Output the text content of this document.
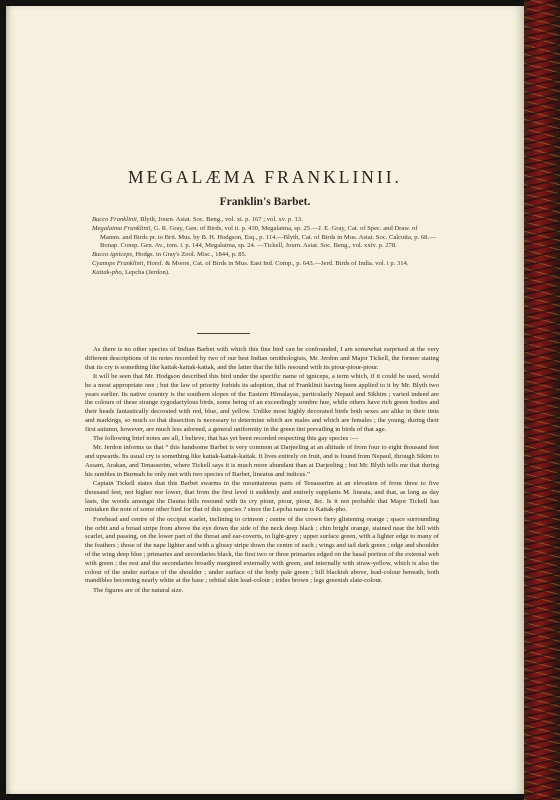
MEGALÆMA FRANKLINII.
Franklin's Barbet.
Bucco Franklinii, Blyth, Journ. Asiat. Soc. Beng., vol. xi. p. 167 ; vol. xv. p. 13.
Megalaima Franklinii, G. R. Gray, Gen. of Birds, vol ii. p. 430, Megalaima, sp. 25.—J. E. Gray, Cat. of Spec. and Draw. of Mamm. and Birds pr. to Brit. Mus. by B. H. Hodgson, Esq., p. 114.—Blyth, Cat. of Birds in Mus. Asiat. Soc. Calcutta, p. 68.—Bonap. Consp. Gen. Av., tom. i. p. 144, Megalaima, sp. 24. —Tickell, Journ. Asiat. Soc. Beng., vol. xxiv. p. 278.
Bucco igniceps, Hodgs. in Gray's Zool. Misc., 1844, p. 85.
Cyanops Franklinii, Horsf. & Moore, Cat. of Birds in Mus. East Ind. Comp., p. 643.—Jerd. Birds of India. vol. i p. 314.
Kattak-pho, Lepcha (Jerdon).

As there is no other species of Indian Barbet with which this fine bird can be confounded, I am somewhat surprised at the very different descriptions of its notes recorded by two of our best Indian ornithologists, Mr. Jerdon and Major Tickell, the former stating that its cry is something like kattak-kattak-kattak, and the latter that the hills resound with its piour-piour-piour.

It will be seen that Mr. Hodgson described this bird under the specific name of igniceps, a term which, if it could be used, would be a most appropriate one ; but the law of priority forbids its adoption, that of Franklinii having been applied to it by Mr. Blyth two years earlier. Its native country is the southern slopes of the Eastern Himalayas, particularly Nepaul and Sikhim ; varied indeed are the colours of these strange zygodactylous birds, some being of an exceedingly sombre hue, while others have rich green bodies and their heads fantastically decorated with red, blue, and yellow. Unlike most highly decorated birds both sexes are alike in their tints and markings, so much so that dissection is necessary to determine which are males and which are females ; the young, during their first autumn, however, are much less adorned, a general uniformity in the green tint prevailing in birds of that age.

The following brief notes are all, I believe, that has yet been recorded respecting this gay species :—

Mr. Jerdon informs us that “ this handsome Barbet is very common at Darjeeling at an altitude of from four to eight thousand feet and upwards. Its usual cry is something like kattak-kattak-kattak. It lives entirely on fruit, and is found from Nepaul, through Sikim to Assam, Arakan, and Tenasserim, where Tickell says it is much more abundant than at Darjeeling ; but Mr. Blyth tells me that during his rambles in Burmah he only met with two species of Barbet, lineatus and indicus.”

Captain Tickell states that this Barbet swarms in the mountainous parts of Tenasserim at an elevation of from three to five thousand feet, not higher nor lower, that from the first level it suddenly and entirely supplants M. lineata, and that, as long as day lasts, the woods amongst the Dauna hills resound with its cry piour, piour, piour, &c. Is it not probable that Major Tickell has mistaken the note of some other bird for that of this species ? since the Lepcha name is Kattak-pho.

Forehead and centre of the occiput scarlet, inclining to crimson ; centre of the crown fiery glistening orange ; space surrounding the orbit and a broad stripe from above the eye down the side of the neck deep black ; chin bright orange, stained near the bill with scarlet, and passing, on the lower part of the throat and ear-coverts, to light-grey ; upper surface green, with a lighter edge to many of the feathers ; those of the nape lighter and with a glossy stripe down the centre of each ; wings and tail dark green ; edge and shoulder of the wing deep blue ; primaries and secondaries black, the first two or three primaries edged on the basal portion of the external web with green ; the rest and the secondaries broadly margined externally with green, and internally with straw-yellow, which is also the colour of the under surface of the shoulder ; under surface of the body pale green ; bill blackish above, lead-colour beneath, both mandibles becoming nearly white at the base ; orbital skin lead-colour ; irides brown ; legs greenish slate-colour.

The figures are of the natural size.
